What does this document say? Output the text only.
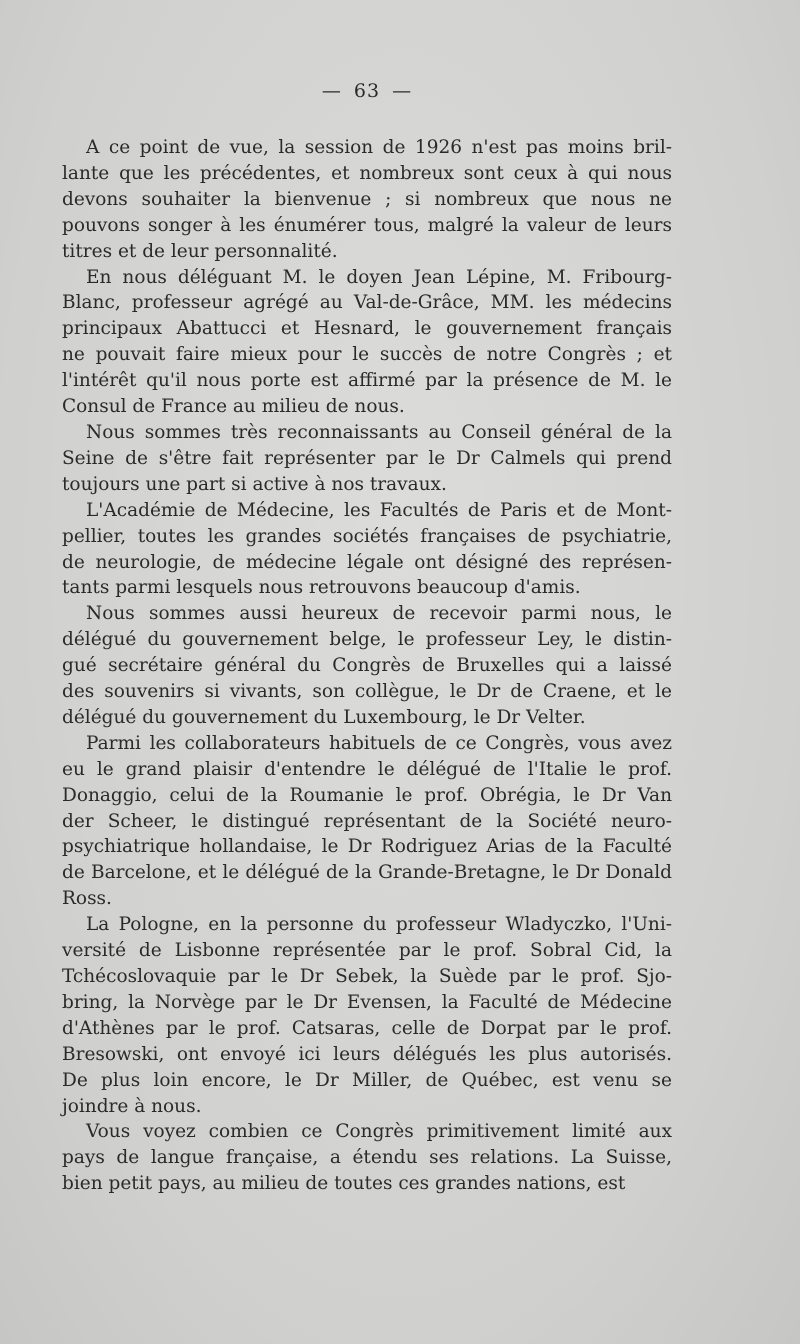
— 63 —
A ce point de vue, la session de 1926 n'est pas moins bril-
lante que les précédentes, et nombreux sont ceux à qui nous
devons souhaiter la bienvenue ; si nombreux que nous ne
pouvons songer à les énumérer tous, malgré la valeur de leurs
titres et de leur personnalité.
En nous déléguant M. le doyen Jean Lépine, M. Fribourg-
Blanc, professeur agrégé au Val-de-Grâce, MM. les médecins
principaux Abattucci et Hesnard, le gouvernement français
ne pouvait faire mieux pour le succès de notre Congrès ; et
l'intérêt qu'il nous porte est affirmé par la présence de M. le
Consul de France au milieu de nous.
Nous sommes très reconnaissants au Conseil général de la
Seine de s'être fait représenter par le Dr Calmels qui prend
toujours une part si active à nos travaux.
L'Académie de Médecine, les Facultés de Paris et de Mont-
pellier, toutes les grandes sociétés françaises de psychiatrie,
de neurologie, de médecine légale ont désigné des représen-
tants parmi lesquels nous retrouvons beaucoup d'amis.
Nous sommes aussi heureux de recevoir parmi nous, le
délégué du gouvernement belge, le professeur Ley, le distin-
gué secrétaire général du Congrès de Bruxelles qui a laissé
des souvenirs si vivants, son collègue, le Dr de Craene, et le
délégué du gouvernement du Luxembourg, le Dr Velter.
Parmi les collaborateurs habituels de ce Congrès, vous avez
eu le grand plaisir d'entendre le délégué de l'Italie le prof.
Donaggio, celui de la Roumanie le prof. Obrégia, le Dr Van
der Scheer, le distingué représentant de la Société neuro-
psychiatrique hollandaise, le Dr Rodriguez Arias de la Faculté
de Barcelone, et le délégué de la Grande-Bretagne, le Dr Donald
Ross.
La Pologne, en la personne du professeur Wladyczko, l'Uni-
versité de Lisbonne représentée par le prof. Sobral Cid, la
Tchécoslovaquie par le Dr Sebek, la Suède par le prof. Sjo-
bring, la Norvège par le Dr Evensen, la Faculté de Médecine
d'Athènes par le prof. Catsaras, celle de Dorpat par le prof.
Bresowski, ont envoyé ici leurs délégués les plus autorisés.
De plus loin encore, le Dr Miller, de Québec, est venu se
joindre à nous.
Vous voyez combien ce Congrès primitivement limité aux
pays de langue française, a étendu ses relations. La Suisse,
bien petit pays, au milieu de toutes ces grandes nations, est
